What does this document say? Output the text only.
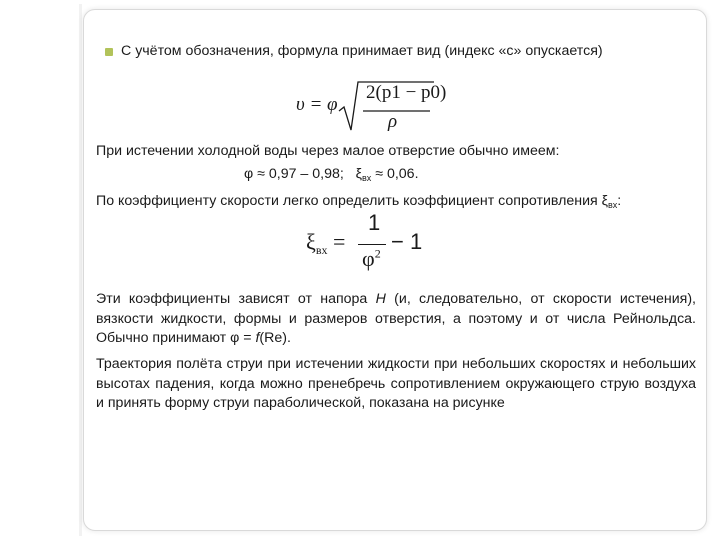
С учётом обозначения, формула принимает вид (индекс «с» опускается)
υ = φ
2(p1 − p0)
ρ
При истечении холодной воды через малое отверстие обычно имеем:
φ ≈ 0,97 – 0,98; $\xi_{вх} \approx 0,06$.
По коэффициенту скорости легко определить коэффициент сопротивления $\xi_{вх}$:
$\xi_{вх}$ =
1
$\varphi^2 - 1$
Эти коэффициенты зависят от напора Н (и, следовательно, от скорости истечения), вязкости жидкости, формы и размеров отверстия, а поэтому и от числа Рейнольдса. Обычно принимают φ = f(Re).
Траектория полёта струи при истечении жидкости при небольших скоростях и небольших высотах падения, когда можно пренебречь сопротивлением окружающего струю воздуха и принять форму струи параболической, показана на рисунке
